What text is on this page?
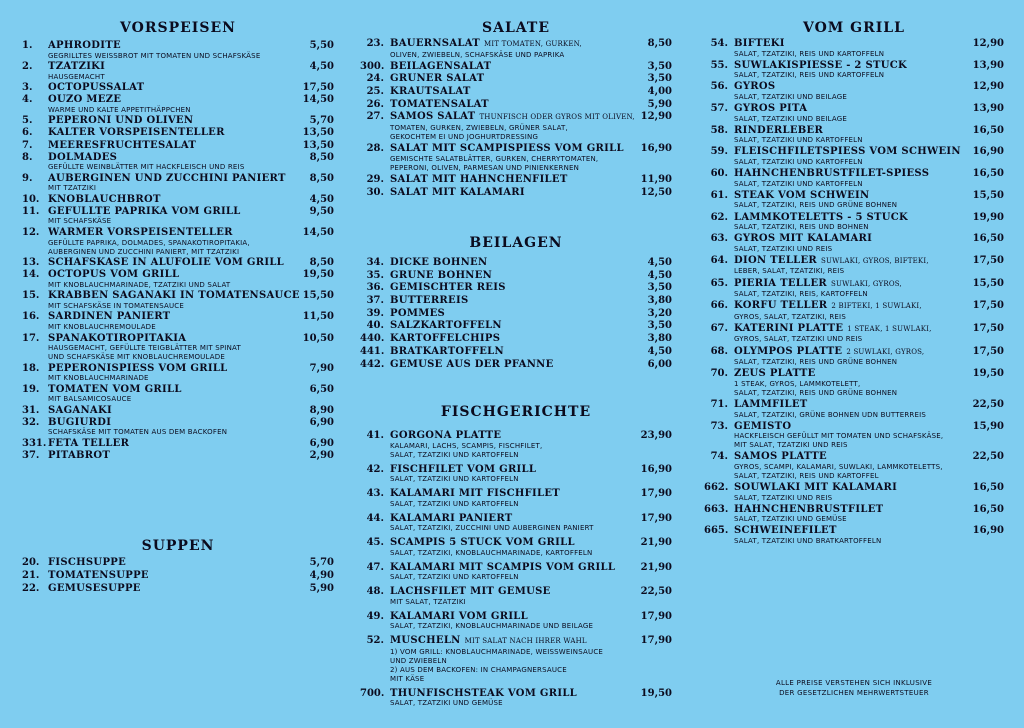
VORSPEISEN
1.	APHRODITE	5,50
GEGRILLTES WEISSBROT MIT TOMATEN UND SCHAFSKÄSE
2.	TZATZIKI	4,50
HAUSGEMACHT
3.	OCTOPUSSALAT	17,50
4.	OUZO MEZE	14,50
WARME UND KALTE APPETITHÄPPCHEN
5.	PEPERONI UND OLIVEN	5,70
6.	KALTER VORSPEISENTELLER	13,50
7.	MEERESFRÜCHTESALAT	13,50
8.	DOLMADES	8,50
GEFÜLLTE WEINBLÄTTER MIT HACKFLEISCH UND REIS
9.	AUBERGINEN UND ZUCCHINI PANIERT	8,50
MIT TZATZIKI
10. KNOBLAUCHBROT	4,50
11. GEFÜLLTE PAPRIKA VOM GRILL	9,50
MIT SCHAFSKÄSE
12. WARMER VORSPEISENTELLER	14,50
GEFÜLLTE PAPRIKA, DOLMADES, SPANAKOTIROPITAKIA,
AUBERGINEN UND ZUCCHINI PANIERT, MIT TZATZIKI
13. SCHAFSKÄSE IN ALUFOLIE VOM GRILL	8,50
14. OCTOPUS VOM GRILL	19,50
MIT KNOBLAUCHMARINADE, TZATZIKI UND SALAT
15. KRABBEN SAGANAKI IN TOMATENSAUCE 15,50
MIT SCHAFSKÄSE IN TOMATENSAUCE
16. SARDINEN PANIERT	11,50
MIT KNOBLAUCHREMOULADE
17. SPANAKOTIROPITAKIA	10,50
HAUSGEMACHT, GEFÜLLTE TEIGBLÄTTER MIT SPINAT
UND SCHAFSKÄSE MIT KNOBLAUCHREMOULADE
18. PEPERONISPIESS VOM GRILL	7,90
MIT KNOBLAUCHMARINADE
19. TOMATEN VOM GRILL	6,50
MIT BALSAMICOSAUCE
31. SAGANAKI	8,90
32. BUGIURDI	6,90
SCHAFSKÄSE MIT TOMATEN AUS DEM BACKOFEN
331. FETA TELLER	6,90
37. PITABROT	2,90
SUPPEN
20. FISCHSUPPE	5,70
21. TOMATENSUPPE	4,90
22. GEMÜSESUPPE	5,90
SALATE
23. BAUERNSALAT MIT TOMATEN, GURKEN,	8,50
OLIVEN, ZWIEBELN, SCHAFSKÄSE UND PAPRIKA
300. BEILAGENSALAT	3,50
24. GRÜNER SALAT	3,50
25. KRAUTSALAT	4,00
26. TOMATENSALAT	5,90
27. SAMOS SALAT THUNFISCH ODER GYROS MIT OLIVEN, 12,90
TOMATEN, GURKEN, ZWIEBELN, GRÜNER SALAT,
GEKOCHTEM EI UND JOGHURTDRESSING
28. SALAT MIT SCAMPISPIESS VOM GRILL	16,90
GEMISCHTE SALATBLÄTTER, GURKEN, CHERRYTOMATEN,
PEPERONI, OLIVEN, PARMESAN UND PINIENKERNEN
29. SALAT MIT HÄHNCHENFILET	11,90
30. SALAT MIT KALAMARI	12,50
BEILAGEN
34. DICKE BOHNEN	4,50
35. GRÜNE BOHNEN	4,50
36. GEMISCHTER REIS	3,50
37. BUTTERREIS	3,80
39. POMMES	3,20
40. SALZKARTOFFELN	3,50
440. KARTOFFELCHIPS	3,80
441. BRATKARTOFFELN	4,50
442. GEMÜSE AUS DER PFANNE	6,00
FISCHGERICHTE
41. GORGONA PLATTE	23,90
KALAMARI, LACHS, SCAMPIS, FISCHFILET,
SALAT, TZATZIKI UND KARTOFFELN
42. FISCHFILET VOM GRILL	16,90
SALAT, TZATZIKI UND KARTOFFELN
43. KALAMARI MIT FISCHFILET	17,90
SALAT, TZATZIKI UND KARTOFFELN
44. KALAMARI PANIERT	17,90
SALAT, TZATZIKI, ZUCCHINI UND AUBERGINEN PANIERT
45. SCAMPIS 5 STÜCK VOM GRILL	21,90
SALAT, TZATZIKI, KNOBLAUCHMARINADE, KARTOFFELN
47. KALAMARI MIT SCAMPIS VOM GRILL	21,90
SALAT, TZATZIKI UND KARTOFFELN
48. LACHSFILET MIT GEMÜSE	22,50
MIT SALAT, TZATZIKI
49. KALAMARI VOM GRILL	17,90
SALAT, TZATZIKI, KNOBLAUCHMARINADE UND BEILAGE
52. MUSCHELN MIT SALAT NACH IHRER WAHL	17,90
1) VOM GRILL: KNOBLAUCHMARINADE, WEISSWEINSAUCE
UND ZWIEBELN
2) AUS DEM BACKOFEN: IN CHAMPAGNERSAUCE
MIT KÄSE
700. THUNFISCHSTEAK VOM GRILL	19,50
SALAT, TZATZIKI UND GEMÜSE
VOM GRILL
54. BIFTEKI	12,90
SALAT, TZATZIKI, REIS UND KARTOFFELN
55. SUWLAKISPIESSE - 2 STÜCK	13,90
SALAT, TZATZIKI, REIS UND KARTOFFELN
56. GYROS	12,90
SALAT, TZATZIKI UND BEILAGE
57. GYROS PITA	13,90
SALAT, TZATZIKI UND BEILAGE
58. RINDERLEBER	16,50
SALAT, TZATZIKI UND KARTOFFELN
59. FLEISCHFILETSPIESS VOM SCHWEIN	16,90
SALAT, TZATZIKI UND KARTOFFELN
60. HÄHNCHENBRUSTFILET-SPIESS	16,50
SALAT, TZATZIKI UND KARTOFFELN
61. STEAK VOM SCHWEIN	15,50
SALAT, TZATZIKI, REIS UND GRÜNE BOHNEN
62. LAMMKOTELETTS - 5 STÜCK	19,90
SALAT, TZATZIKI, REIS UND BOHNEN
63. GYROS MIT KALAMARI	16,50
SALAT, TZATZIKI UND REIS
64. DION TELLER SUWLAKI, GYROS, BIFTEKI,	17,50
LEBER, SALAT, TZATZIKI, REIS
65. PIERIA TELLER SUWLAKI, GYROS,	15,50
SALAT, TZATZIKI, REIS, KARTOFFELN
66. KORFU TELLER 2 BIFTEKI, 1 SUWLAKI,	17,50
GYROS, SALAT, TZATZIKI, REIS
67. KATERINI PLATTE 1 STEAK, 1 SUWLAKI,	17,50
GYROS, SALAT, TZATZIKI UND REIS
68. OLYMPOS PLATTE 2 SUWLAKI, GYROS,	17,50
SALAT, TZATZIKI, REIS UND GRÜNE BOHNEN
70. ZEUS PLATTE	19,50
1 STEAK, GYROS, LAMMKOTELETT,
SALAT, TZATZIKI, REIS UND GRÜNE BOHNEN
71. LAMMFILET	22,50
SALAT, TZATZIKI, GRÜNE BOHNEN UDN BUTTERREIS
73. GEMISTO	15,90
HACKFLEISCH GEFÜLLT MIT TOMATEN UND SCHAFSKÄSE,
MIT SALAT, TZATZIKI UND REIS
74. SAMOS PLATTE	22,50
GYROS, SCAMPI, KALAMARI, SUWLAKI, LAMMKOTELETTS,
SALAT, TZATZIKI, REIS UND KARTOFFEL
662. SOUWLAKI MIT KALAMARI	16,50
SALAT, TZATZIKI UND REIS
663. HÄHNCHENBRUSTFILET	16,50
SALAT, TZATZIKI UND GEMÜSE
665. SCHWEINEFILET	16,90
SALAT, TZATZIKI UND BRATKARTOFFELN
ALLE PREISE VERSTEHEN SICH INKLUSIVE
DER GESETZLICHEN MEHRWERTSTEUER
